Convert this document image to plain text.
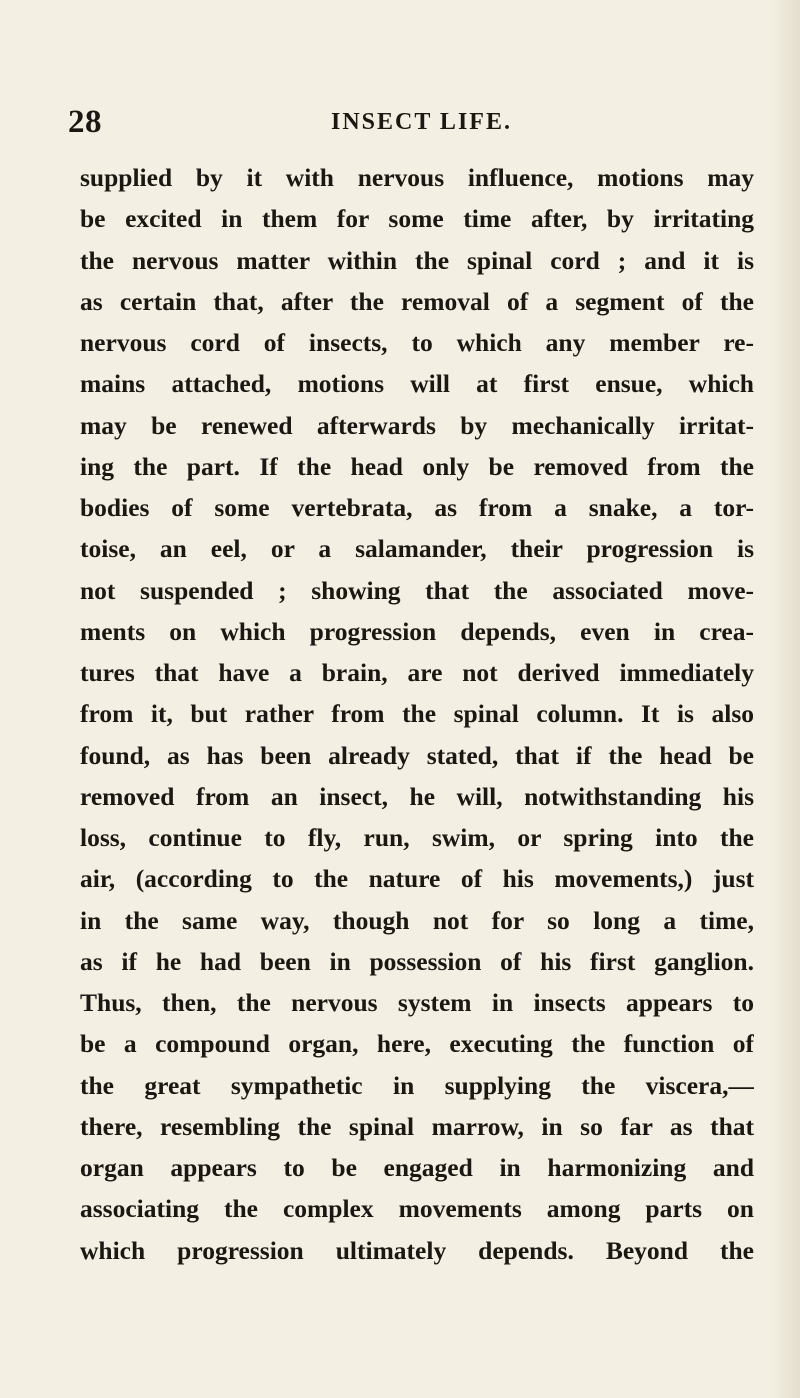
28	INSECT LIFE.
supplied by it with nervous influence, motions may
be excited in them for some time after, by irritating
the nervous matter within the spinal cord ; and it is
as certain that, after the removal of a segment of the
nervous cord of insects, to which any member re-
mains attached, motions will at first ensue, which
may be renewed afterwards by mechanically irritat-
ing the part. If the head only be removed from the
bodies of some vertebrata, as from a snake, a tor-
toise, an eel, or a salamander, their progression is
not suspended ; showing that the associated move-
ments on which progression depends, even in crea-
tures that have a brain, are not derived immediately
from it, but rather from the spinal column. It is also
found, as has been already stated, that if the head be
removed from an insect, he will, notwithstanding his
loss, continue to fly, run, swim, or spring into the
air, (according to the nature of his movements,) just
in the same way, though not for so long a time,
as if he had been in possession of his first ganglion.
Thus, then, the nervous system in insects appears to
be a compound organ, here, executing the function of
the great sympathetic in supplying the viscera,—
there, resembling the spinal marrow, in so far as that
organ appears to be engaged in harmonizing and
associating the complex movements among parts on
which progression ultimately depends. Beyond the
